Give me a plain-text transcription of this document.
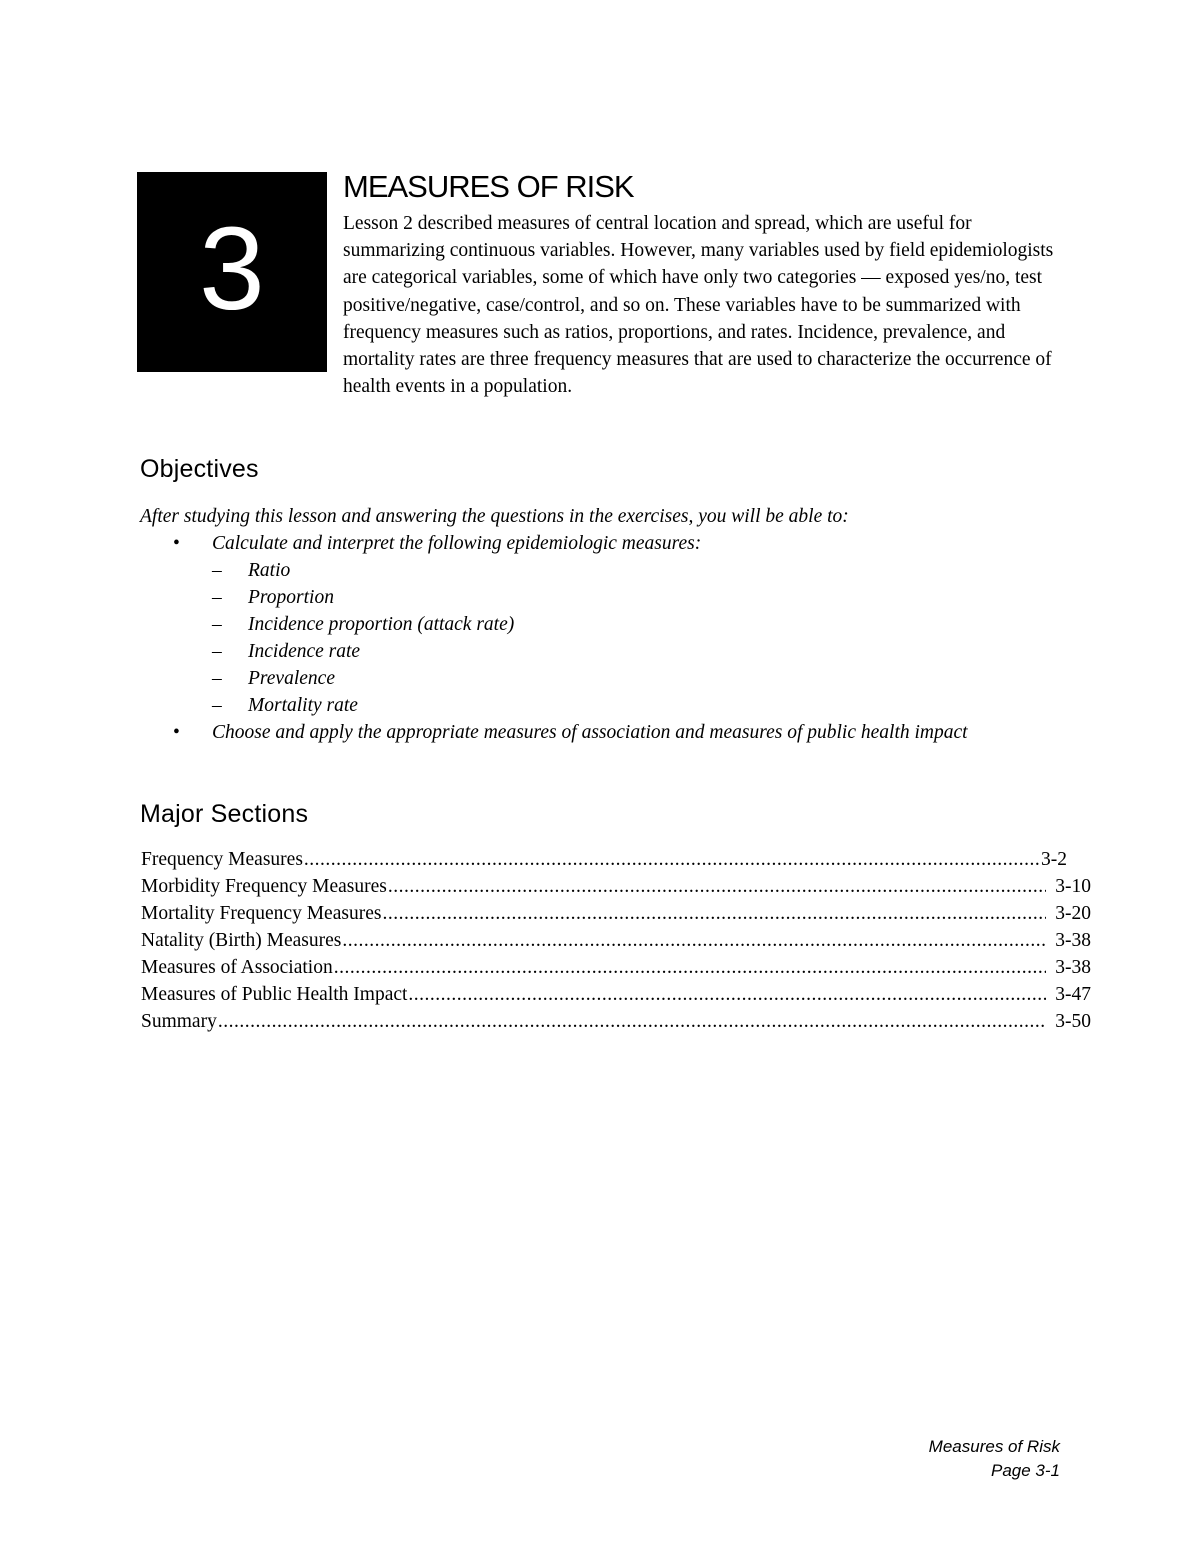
3
MEASURES OF RISK

Lesson 2 described measures of central location and spread, which are useful for summarizing continuous variables. However, many variables used by field epidemiologists are categorical variables, some of which have only two categories — exposed yes/no, test positive/negative, case/control, and so on. These variables have to be summarized with frequency measures such as ratios, proportions, and rates. Incidence, prevalence, and mortality rates are three frequency measures that are used to characterize the occurrence of health events in a population.

Objectives

After studying this lesson and answering the questions in the exercises, you will be able to:

• Calculate and interpret the following epidemiologic measures:
– Ratio
– Proportion
– Incidence proportion (attack rate)
– Incidence rate
– Prevalence
– Mortality rate
• Choose and apply the appropriate measures of association and measures of public health impact
Major Sections
Frequency Measures .....	3-2
Morbidity Frequency Measures .....	3-10
Mortality Frequency Measures .....	3-20
Natality (Birth) Measures .....	3-38
Measures of Association .....	3-38
Measures of Public Health Impact .....	3-47
Summary .....	3-50
Measures of Risk
Page 3-1
